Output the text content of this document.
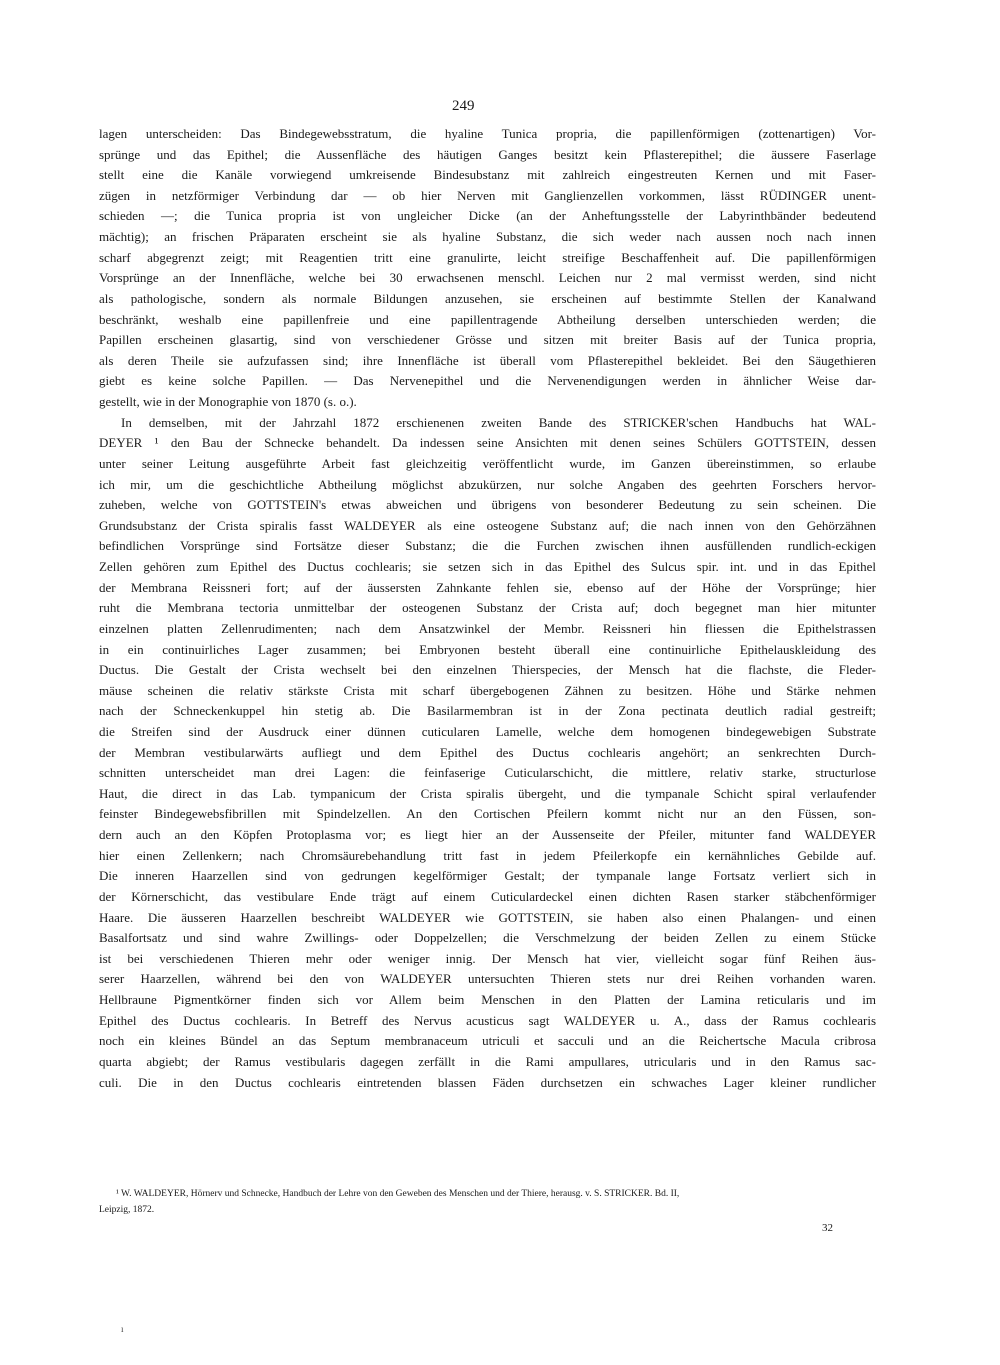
249
lagen unterscheiden: Das Bindegewebsstratum, die hyaline Tunica propria, die papillenförmigen (zottenartigen) Vor-
sprünge und das Epithel; die Aussenfläche des häutigen Ganges besitzt kein Pflasterepithel; die äussere Faserlage
stellt eine die Kanäle vorwiegend umkreisende Bindesubstanz mit zahlreich eingestreuten Kernen und mit Faser-
zügen in netzförmiger Verbindung dar — ob hier Nerven mit Ganglienzellen vorkommen, lässt RÜDINGER unent-
schieden —; die Tunica propria ist von ungleicher Dicke (an der Anheftungsstelle der Labyrinthbänder bedeutend
mächtig); an frischen Präparaten erscheint sie als hyaline Substanz, die sich weder nach aussen noch nach innen
scharf abgegrenzt zeigt; mit Reagentien tritt eine granulirte, leicht streifige Beschaffenheit auf. Die papillenförmigen
Vorsprünge an der Innenfläche, welche bei 30 erwachsenen menschl. Leichen nur 2 mal vermisst werden, sind nicht
als pathologische, sondern als normale Bildungen anzusehen, sie erscheinen auf bestimmte Stellen der Kanalwand
beschränkt, weshalb eine papillenfreie und eine papillentragende Abtheilung derselben unterschieden werden; die
Papillen erscheinen glasartig, sind von verschiedener Grösse und sitzen mit breiter Basis auf der Tunica propria,
als deren Theile sie aufzufassen sind; ihre Innenfläche ist überall vom Pflasterepithel bekleidet. Bei den Säugethieren
giebt es keine solche Papillen. — Das Nervenepithel und die Nervenendigungen werden in ähnlicher Weise dar-
gestellt, wie in der Monographie von 1870 (s. o.).
In demselben, mit der Jahrzahl 1872 erschienenen zweiten Bande des STRICKER'schen Handbuchs hat WAL-
DEYER ¹ den Bau der Schnecke behandelt. Da indessen seine Ansichten mit denen seines Schülers GOTTSTEIN, dessen
unter seiner Leitung ausgeführte Arbeit fast gleichzeitig veröffentlicht wurde, im Ganzen übereinstimmen, so erlaube
ich mir, um die geschichtliche Abtheilung möglichst abzukürzen, nur solche Angaben des geehrten Forschers hervor-
zuheben, welche von GOTTSTEIN's etwas abweichen und übrigens von besonderer Bedeutung zu sein scheinen. Die
Grundsubstanz der Crista spiralis fasst WALDEYER als eine osteogene Substanz auf; die nach innen von den Gehörzähnen
befindlichen Vorsprünge sind Fortsätze dieser Substanz; die die Furchen zwischen ihnen ausfüllenden rundlich-eckigen
Zellen gehören zum Epithel des Ductus cochlearis; sie setzen sich in das Epithel des Sulcus spir. int. und in das Epithel
der Membrana Reissneri fort; auf der äussersten Zahnkante fehlen sie, ebenso auf der Höhe der Vorsprünge; hier
ruht die Membrana tectoria unmittelbar der osteogenen Substanz der Crista auf; doch begegnet man hier mitunter
einzelnen platten Zellenrudimenten; nach dem Ansatzwinkel der Membr. Reissneri hin fliessen die Epithelstrassen
in ein continuirliches Lager zusammen; bei Embryonen besteht überall eine continuirliche Epithelauskleidung des
Ductus. Die Gestalt der Crista wechselt bei den einzelnen Thierspecies, der Mensch hat die flachste, die Fleder-
mäuse scheinen die relativ stärkste Crista mit scharf übergebogenen Zähnen zu besitzen. Höhe und Stärke nehmen
nach der Schneckenkuppel hin stetig ab. Die Basilarmembran ist in der Zona pectinata deutlich radial gestreift;
die Streifen sind der Ausdruck einer dünnen cuticularen Lamelle, welche dem homogenen bindegewebigen Substrate
der Membran vestibularwärts aufliegt und dem Epithel des Ductus cochlearis angehört; an senkrechten Durch-
schnitten unterscheidet man drei Lagen: die feinfaserige Cuticularschicht, die mittlere, relativ starke, structurlose
Haut, die direct in das Lab. tympanicum der Crista spiralis übergeht, und die tympanale Schicht spiral verlaufender
feinster Bindegewebsfibrillen mit Spindelzellen. An den Cortischen Pfeilern kommt nicht nur an den Füssen, son-
dern auch an den Köpfen Protoplasma vor; es liegt hier an der Aussenseite der Pfeiler, mitunter fand WALDEYER
hier einen Zellenkern; nach Chromsäurebehandlung tritt fast in jedem Pfeilerkopfe ein kernähnliches Gebilde auf.
Die inneren Haarzellen sind von gedrungen kegelförmiger Gestalt; der tympanale lange Fortsatz verliert sich in
der Körnerschicht, das vestibulare Ende trägt auf einem Cuticulardeckel einen dichten Rasen starker stäbchenförmiger
Haare. Die äusseren Haarzellen beschreibt WALDEYER wie GOTTSTEIN, sie haben also einen Phalangen- und einen
Basalfortsatz und sind wahre Zwillings- oder Doppelzellen; die Verschmelzung der beiden Zellen zu einem Stücke
ist bei verschiedenen Thieren mehr oder weniger innig. Der Mensch hat vier, vielleicht sogar fünf Reihen äus-
serer Haarzellen, während bei den von WALDEYER untersuchten Thieren stets nur drei Reihen vorhanden waren.
Hellbraune Pigmentkörner finden sich vor Allem beim Menschen in den Platten der Lamina reticularis und im
Epithel des Ductus cochlearis. In Betreff des Nervus acusticus sagt WALDEYER u. A., dass der Ramus cochlearis
noch ein kleines Bündel an das Septum membranaceum utriculi et sacculi und an die Reichertsche Macula cribrosa
quarta abgiebt; der Ramus vestibularis dagegen zerfällt in die Rami ampullares, utricularis und in den Ramus sac-
culi. Die in den Ductus cochlearis eintretenden blassen Fäden durchsetzen ein schwaches Lager kleiner rundlicher
¹ W. WALDEYER, Hörnerv und Schnecke, Handbuch der Lehre von den Geweben des Menschen und der Thiere, herausg. v. S. STRICKER. Bd. II,
Leipzig, 1872.
32
ı
